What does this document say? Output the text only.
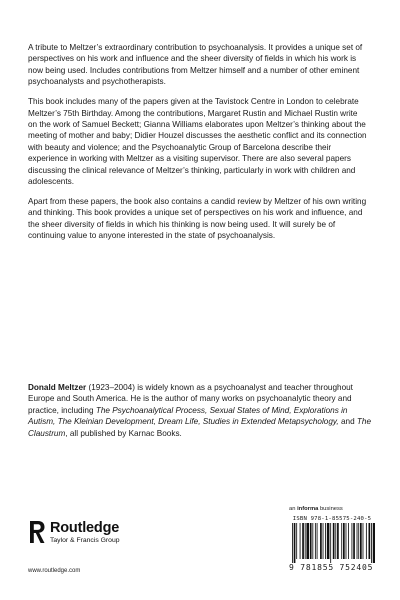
A tribute to Meltzer’s extraordinary contribution to psychoanalysis. It provides a unique set of perspectives on his work and influence and the sheer diversity of fields in which his work is now being used. Includes contributions from Meltzer himself and a number of other eminent psychoanalysts and psychotherapists.

This book includes many of the papers given at the Tavistock Centre in London to celebrate Meltzer’s 75th Birthday. Among the contributions, Margaret Rustin and Michael Rustin write on the work of Samuel Beckett; Gianna Williams elaborates upon Meltzer’s thinking about the meeting of mother and baby; Didier Houzel discusses the aesthetic conflict and its connection with beauty and violence; and the Psychoanalytic Group of Barcelona describe their experience in working with Meltzer as a visiting supervisor. There are also several papers discussing the clinical relevance of Meltzer’s thinking, particularly in work with children and adolescents.

Apart from these papers, the book also contains a candid review by Meltzer of his own writing and thinking. This book provides a unique set of perspectives on his work and influence, and the sheer diversity of fields in which his thinking is now being used. It will surely be of continuing value to anyone interested in the state of psychoanalysis.

Donald Meltzer (1923–2004) is widely known as a psychoanalyst and teacher throughout Europe and South America. He is the author of many works on psychoanalytic theory and practice, including The Psychoanalytical Process, Sexual States of Mind, Explorations in Autism, The Kleinian Development, Dream Life, Studies in Extended Metapsychology, and The Claustrum, all published by Karnac Books.

Routledge
Taylor & Francis Group
www.routledge.com
an informa business
ISBN 978-1-85575-240-5
9 781855 752405
